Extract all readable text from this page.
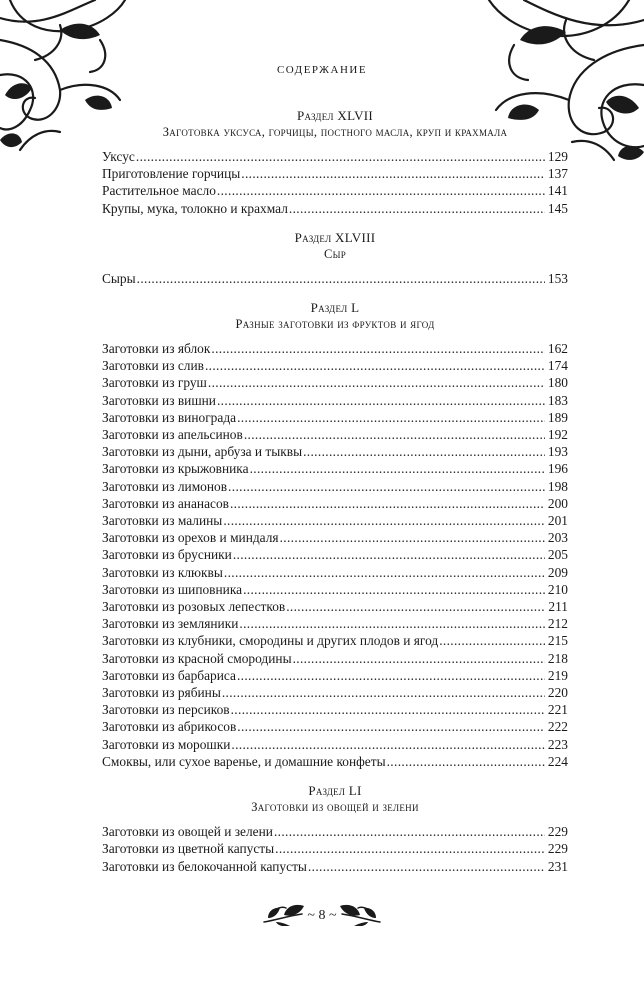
СОДЕРЖАНИЕ
Раздел XLVII
Заготовка уксуса, горчицы, постного масла, круп и крахмала
Уксус . . .	129
Приготовление горчицы . . .	137
Растительное масло . . .	141
Крупы, мука, толокно и крахмал . . .	145
Раздел XLVIII
Сыр
Сыры . . .	153
Раздел L
Разные заготовки из фруктов и ягод
Заготовки из яблок . . .	162
Заготовки из слив . . .	174
Заготовки из груш . . .	180
Заготовки из вишни . . .	183
Заготовки из винограда . . .	189
Заготовки из апельсинов . . .	192
Заготовки из дыни, арбуза и тыквы . . .	193
Заготовки из крыжовника . . .	196
Заготовки из лимонов . . .	198
Заготовки из ананасов . . .	200
Заготовки из малины . . .	201
Заготовки из орехов и миндаля . . .	203
Заготовки из брусники . . .	205
Заготовки из клюквы . . .	209
Заготовки из шиповника . . .	210
Заготовки из розовых лепестков . . .	211
Заготовки из земляники . . .	212
Заготовки из клубники, смородины и других плодов и ягод . . .	215
Заготовки из красной смородины . . .	218
Заготовки из барбариса . . .	219
Заготовки из рябины . . .	220
Заготовки из персиков . . .	221
Заготовки из абрикосов . . .	222
Заготовки из морошки . . .	223
Смоквы, или сухое варенье, и домашние конфеты . . .	224
Раздел LI
Заготовки из овощей и зелени
Заготовки из овощей и зелени . . .	229
Заготовки из цветной капусты . . .	229
Заготовки из белокочанной капусты . . .	231
~ 8 ~
